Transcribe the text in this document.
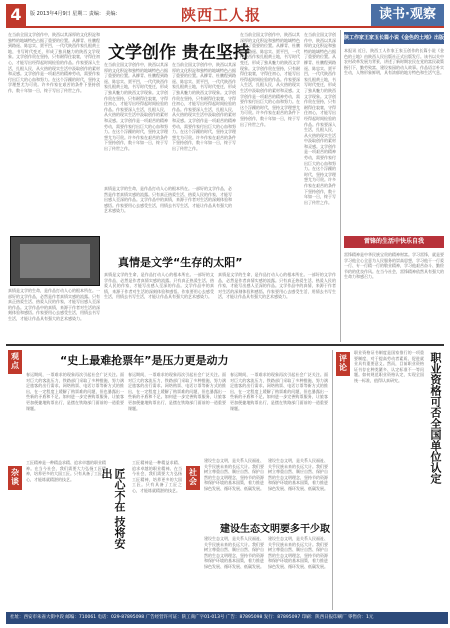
4	版 2013年4月9日 星期二 责编： 美编：	陕西工人报	读书·观察
文学创作 贵在坚持
在当前全国文学创作中，陕西以其深厚的文化积淀和独特的地域特色占据了重要的位置。从柳青、杜鹏程到路遥、陈忠实、贾平凹，一代代陕西作家扎根黄土地，书写时代变迁，形成了独具魅力的陕西文学现象。文学创作贵在坚持，只有耐得住寂寞，守得住初心，才能写出经得起时间检验的作品。作家要深入生活，扎根人民，从火热的现实生活中汲取创作的素材和灵感。文学创作是一项艰苦的精神劳动，需要作家付出巨大的心血和努力。在这个浮躁的时代，坚持文学理想尤为可贵。许多作家在艰苦的条件下坚持创作，数十年如一日，终于写出了传世之作。
在当前全国文学创作中，陕西以其深厚的文化积淀和独特的地域特色占据了重要的位置。从柳青、杜鹏程到路遥、陈忠实、贾平凹，一代代陕西作家扎根黄土地，书写时代变迁，形成了独具魅力的陕西文学现象。文学创作贵在坚持，只有耐得住寂寞，守得住初心，才能写出经得起时间检验的作品。作家要深入生活，扎根人民，从火热的现实生活中汲取创作的素材和灵感。文学创作是一项艰苦的精神劳动，需要作家付出巨大的心血和努力。在这个浮躁的时代，坚持文学理想尤为可贵。许多作家在艰苦的条件下坚持创作，数十年如一日，终于写出了传世之作。
在当前全国文学创作中，陕西以其深厚的文化积淀和独特的地域特色占据了重要的位置。从柳青、杜鹏程到路遥、陈忠实、贾平凹，一代代陕西作家扎根黄土地，书写时代变迁，形成了独具魅力的陕西文学现象。文学创作贵在坚持，只有耐得住寂寞，守得住初心，才能写出经得起时间检验的作品。作家要深入生活，扎根人民，从火热的现实生活中汲取创作的素材和灵感。文学创作是一项艰苦的精神劳动，需要作家付出巨大的心血和努力。在这个浮躁的时代，坚持文学理想尤为可贵。许多作家在艰苦的条件下坚持创作，数十年如一日，终于写出了传世之作。
在当前全国文学创作中，陕西以其深厚的文化积淀和独特的地域特色占据了重要的位置。从柳青、杜鹏程到路遥、陈忠实、贾平凹，一代代陕西作家扎根黄土地，书写时代变迁，形成了独具魅力的陕西文学现象。文学创作贵在坚持，只有耐得住寂寞，守得住初心，才能写出经得起时间检验的作品。作家要深入生活，扎根人民，从火热的现实生活中汲取创作的素材和灵感。文学创作是一项艰苦的精神劳动，需要作家付出巨大的心血和努力。在这个浮躁的时代，坚持文学理想尤为可贵。许多作家在艰苦的条件下坚持创作，数十年如一日，终于写出了传世之作。
在当前全国文学创作中，陕西以其深厚的文化积淀和独特的地域特色占据了重要的位置。从柳青、杜鹏程到路遥、陈忠实、贾平凹，一代代陕西作家扎根黄土地，书写时代变迁，形成了独具魅力的陕西文学现象。文学创作贵在坚持，只有耐得住寂寞，守得住初心，才能写出经得起时间检验的作品。作家要深入生活，扎根人民，从火热的现实生活中汲取创作的素材和灵感。文学创作是一项艰苦的精神劳动，需要作家付出巨大的心血和努力。在这个浮躁的时代，坚持文学理想尤为可贵。许多作家在艰苦的条件下坚持创作，数十年如一日，终于写出了传世之作。
真情是文学的生命，是作品打动人心的根本所在。一部好的文学作品，必然是作者真情实感的流露。只有真正热爱生活、热爱人民的作家，才能写出感人至深的作品。文学作品中的真情，来源于作者对生活的深刻体验和感悟。作家要用心去感受生活，用情去书写生活，才能让作品具有强大的艺术感染力。
真情是文学“生存的太阳”
真情是文学的生命，是作品打动人心的根本所在。一部好的文学作品，必然是作者真情实感的流露。只有真正热爱生活、热爱人民的作家，才能写出感人至深的作品。文学作品中的真情，来源于作者对生活的深刻体验和感悟。作家要用心去感受生活，用情去书写生活，才能让作品具有强大的艺术感染力。
真情是文学的生命，是作品打动人心的根本所在。一部好的文学作品，必然是作者真情实感的流露。只有真正热爱生活、热爱人民的作家，才能写出感人至深的作品。文学作品中的真情，来源于作者对生活的深刻体验和感悟。作家要用心去感受生活，用情去书写生活，才能让作品具有强大的艺术感染力。
真情是文学的生命，是作品打动人心的根本所在。一部好的文学作品，必然是作者真情实感的流露。只有真正热爱生活、热爱人民的作家，才能写出感人至深的作品。文学作品中的真情，来源于作者对生活的深刻体验和感悟。作家要用心去感受生活，用情去书写生活，才能让作品具有强大的艺术感染力。
陕工作家王家玉长篇小说《金色的土地》出版
本报讯 近日，陕西工人作家王家玉创作的长篇小说《金色的土地》由陕西人民出版社正式出版发行。该书以关中农村改革发展为背景，讲述了新时期农民在党的富民政策指引下，勤劳致富、建设家园的动人故事。作品语言朴实生动，人物形象鲜明，具有浓郁的地方特色和生活气息。
雷锋的生活中快乐自我
雷锋精神是中华民族宝贵的精神财富。学习雷锋，就是要学习他全心全意为人民服务的崇高思想，学习他干一行爱一行、专一行精一行的敬业精神，学习他艰苦奋斗、勤俭节约的优良作风。在当今社会，雷锋精神依然具有强大的生命力和感召力。
观点	“史上最难抢票年”是压力更是动力
春运期间，一票难求的现象再次引起社会广泛关注。面对巨大的客流压力，铁路部门采取了多种措施，努力满足旅客的出行需求。网络购票、电话订票等新方式的推出，在一定程度上缓解了购票难的问题，但也暴露出一些新的矛盾和不足。如何进一步完善购票服务，让旅客更加便捷地购票出行，是摆在铁路部门面前的一道重要课题。
春运期间，一票难求的现象再次引起社会广泛关注。面对巨大的客流压力，铁路部门采取了多种措施，努力满足旅客的出行需求。网络购票、电话订票等新方式的推出，在一定程度上缓解了购票难的问题，但也暴露出一些新的矛盾和不足。如何进一步完善购票服务，让旅客更加便捷地购票出行，是摆在铁路部门面前的一道重要课题。
春运期间，一票难求的现象再次引起社会广泛关注。面对巨大的客流压力，铁路部门采取了多种措施，努力满足旅客的出行需求。网络购票、电话订票等新方式的推出，在一定程度上缓解了购票难的问题，但也暴露出一些新的矛盾和不足。如何进一步完善购票服务，让旅客更加便捷地购票出行，是摆在铁路部门面前的一道重要课题。
杂谈
工匠精神是一种精益求精、追求卓越的职业精神。在当今社会，我们需要大力弘扬工匠精神，培养更多的大国工匠。只有具备了工匠之心，才能练就精湛的技艺。	匠心不在 技将安出
工匠精神是一种精益求精、追求卓越的职业精神。在当今社会，我们需要大力弘扬工匠精神，培养更多的大国工匠。只有具备了工匠之心，才能练就精湛的技艺。
社会
建设生态文明要多干少取
建设生态文明，是关系人民福祉、关乎民族未来的长远大计。我们要树立尊重自然、顺应自然、保护自然的生态文明理念，坚持节约资源和保护环境的基本国策，着力推进绿色发展、循环发展、低碳发展。
建设生态文明，是关系人民福祉、关乎民族未来的长远大计。我们要树立尊重自然、顺应自然、保护自然的生态文明理念，坚持节约资源和保护环境的基本国策，着力推进绿色发展、循环发展、低碳发展。
建设生态文明，是关系人民福祉、关乎民族未来的长远大计。我们要树立尊重自然、顺应自然、保护自然的生态文明理念，坚持节约资源和保护环境的基本国策，着力推进绿色发展、循环发展、低碳发展。
建设生态文明，是关系人民福祉、关乎民族未来的长远大计。我们要树立尊重自然、顺应自然、保护自然的生态文明理念，坚持节约资源和保护环境的基本国策，着力推进绿色发展、循环发展、低碳发展。
评论
职业资格证书制度是国家推行的一项重要制度，对于提高劳动者素质、促进就业具有重要意义。然而，目前职业资格证书存在种类繁多、认定标准不一等问题。如何规范职业资格认定，实现全国统一标准，值得认真研究。	职业资格可否全国单位认定
社址：西安市朱雀大街中段 邮编：710061 电话：029-87895098 广告经营许可证：陕工商广字01-013号 广告：87895098 发行：87895097 印刷：陕西日报印刷厂 零售价：1元
